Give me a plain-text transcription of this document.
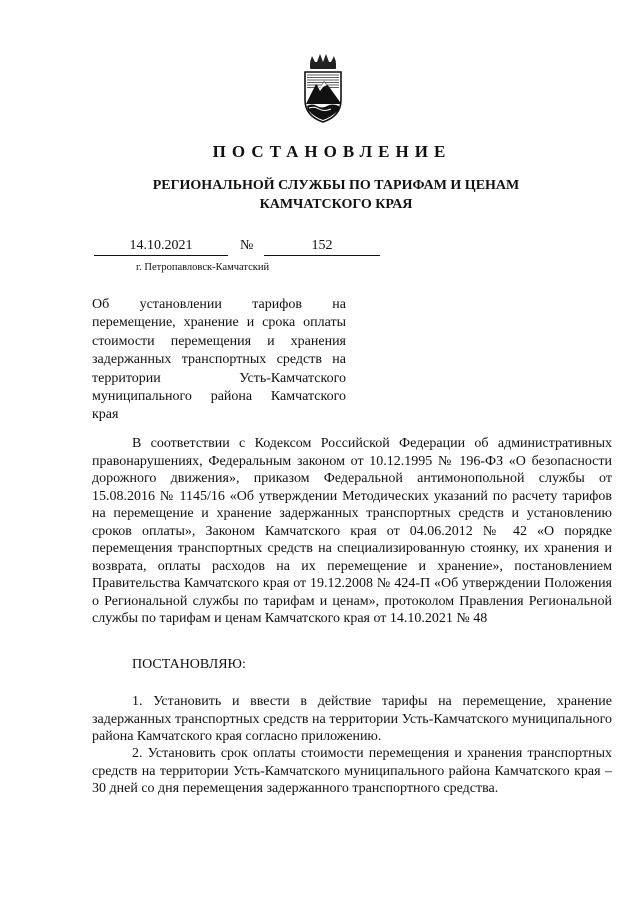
ПОСТАНОВЛЕНИЕ
РЕГИОНАЛЬНОЙ СЛУЖБЫ ПО ТАРИФАМ И ЦЕНАМ
КАМЧАТСКОГО КРАЯ
14.10.2021	№	152
г. Петропавловск-Камчатский

Об установлении тарифов на
перемещение, хранение и срока оплаты
стоимости перемещения и хранения
задержанных транспортных средств на
территории Усть-Камчатского
муниципального района Камчатского
края

В соответствии с Кодексом Российской Федерации об административных правонарушениях, Федеральным законом от 10.12.1995 № 196-ФЗ «О безопасности дорожного движения», приказом Федеральной антимонопольной службы от 15.08.2016 № 1145/16 «Об утверждении Методических указаний по расчету тарифов на перемещение и хранение задержанных транспортных средств и установлению сроков оплаты», Законом Камчатского края от 04.06.2012 № 42 «О порядке перемещения транспортных средств на специализированную стоянку, их хранения и возврата, оплаты расходов на их перемещение и хранение», постановлением Правительства Камчатского края от 19.12.2008 № 424-П «Об утверждении Положения о Региональной службы по тарифам и ценам», протоколом Правления Региональной службы по тарифам и ценам Камчатского края от 14.10.2021 № 48

ПОСТАНОВЛЯЮ:

1. Установить и ввести в действие тарифы на перемещение, хранение задержанных транспортных средств на территории Усть-Камчатского муниципального района Камчатского края согласно приложению.

2. Установить срок оплаты стоимости перемещения и хранения транспортных средств на территории Усть-Камчатского муниципального района Камчатского края – 30 дней со дня перемещения задержанного транспортного средства.
